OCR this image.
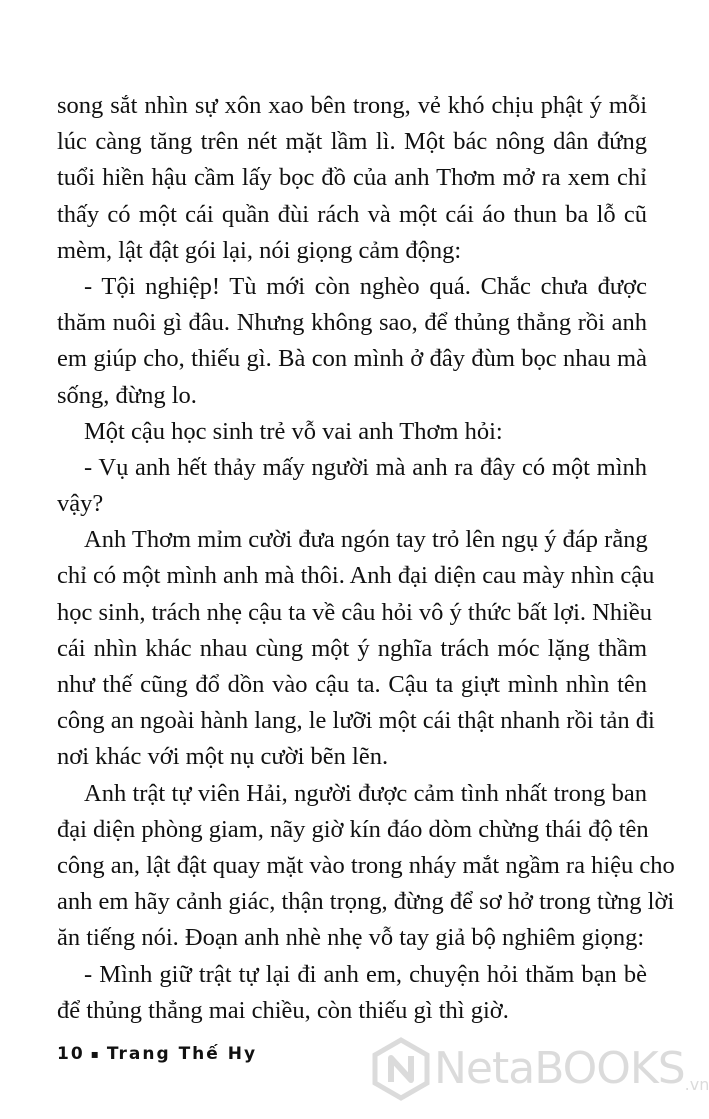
song sắt nhìn sự xôn xao bên trong, vẻ khó chịu phật ý mỗi
lúc càng tăng trên nét mặt lầm lì. Một bác nông dân đứng
tuổi hiền hậu cầm lấy bọc đồ của anh Thơm mở ra xem chỉ
thấy có một cái quần đùi rách và một cái áo thun ba lỗ cũ
mèm, lật đật gói lại, nói giọng cảm động:
- Tội nghiệp! Tù mới còn nghèo quá. Chắc chưa được
thăm nuôi gì đâu. Nhưng không sao, để thủng thẳng rồi anh
em giúp cho, thiếu gì. Bà con mình ở đây đùm bọc nhau mà
sống, đừng lo.
Một cậu học sinh trẻ vỗ vai anh Thơm hỏi:
- Vụ anh hết thảy mấy người mà anh ra đây có một mình
vậy?
Anh Thơm mỉm cười đưa ngón tay trỏ lên ngụ ý đáp rằng
chỉ có một mình anh mà thôi. Anh đại diện cau mày nhìn cậu
học sinh, trách nhẹ cậu ta về câu hỏi vô ý thức bất lợi. Nhiều
cái nhìn khác nhau cùng một ý nghĩa trách móc lặng thầm
như thế cũng đổ dồn vào cậu ta. Cậu ta giựt mình nhìn tên
công an ngoài hành lang, le lưỡi một cái thật nhanh rồi tản đi
nơi khác với một nụ cười bẽn lẽn.
Anh trật tự viên Hải, người được cảm tình nhất trong ban
đại diện phòng giam, nãy giờ kín đáo dòm chừng thái độ tên
công an, lật đật quay mặt vào trong nháy mắt ngầm ra hiệu cho
anh em hãy cảnh giác, thận trọng, đừng để sơ hở trong từng lời
ăn tiếng nói. Đoạn anh nhè nhẹ vỗ tay giả bộ nghiêm giọng:
- Mình giữ trật tự lại đi anh em, chuyện hỏi thăm bạn bè
để thủng thẳng mai chiều, còn thiếu gì thì giờ.
10 ▪ Trang Thế Hy	NetaBOOKS .vn
